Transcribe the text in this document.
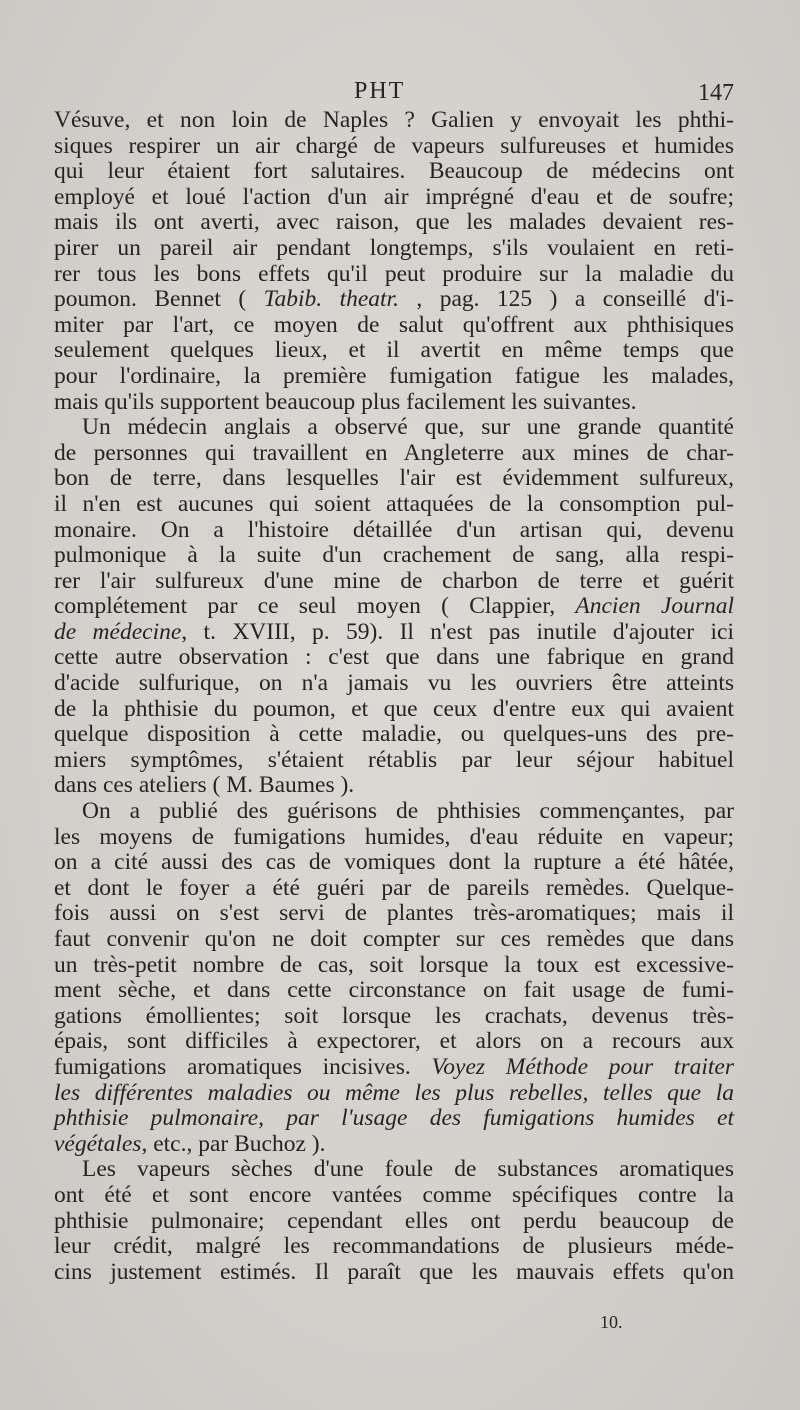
PHT	147
Vésuve, et non loin de Naples ? Galien y envoyait les phthi-
siques respirer un air chargé de vapeurs sulfureuses et humides
qui leur étaient fort salutaires. Beaucoup de médecins ont
employé et loué l'action d'un air imprégné d'eau et de soufre;
mais ils ont averti, avec raison, que les malades devaient res-
pirer un pareil air pendant longtemps, s'ils voulaient en reti-
rer tous les bons effets qu'il peut produire sur la maladie du
poumon. Bennet ( Tabib. theatr. , pag. 125 ) a conseillé d'i-
miter par l'art, ce moyen de salut qu'offrent aux phthisiques
seulement quelques lieux, et il avertit en même temps que
pour l'ordinaire, la première fumigation fatigue les malades,
mais qu'ils supportent beaucoup plus facilement les suivantes.
Un médecin anglais a observé que, sur une grande quantité
de personnes qui travaillent en Angleterre aux mines de char-
bon de terre, dans lesquelles l'air est évidemment sulfureux,
il n'en est aucunes qui soient attaquées de la consomption pul-
monaire. On a l'histoire détaillée d'un artisan qui, devenu
pulmonique à la suite d'un crachement de sang, alla respi-
rer l'air sulfureux d'une mine de charbon de terre et guérit
complétement par ce seul moyen ( Clappier, Ancien Journal
de médecine, t. XVIII, p. 59). Il n'est pas inutile d'ajouter ici
cette autre observation : c'est que dans une fabrique en grand
d'acide sulfurique, on n'a jamais vu les ouvriers être atteints
de la phthisie du poumon, et que ceux d'entre eux qui avaient
quelque disposition à cette maladie, ou quelques-uns des pre-
miers symptômes, s'étaient rétablis par leur séjour habituel
dans ces ateliers ( M. Baumes ).
On a publié des guérisons de phthisies commençantes, par
les moyens de fumigations humides, d'eau réduite en vapeur;
on a cité aussi des cas de vomiques dont la rupture a été hâtée,
et dont le foyer a été guéri par de pareils remèdes. Quelque-
fois aussi on s'est servi de plantes très-aromatiques; mais il
faut convenir qu'on ne doit compter sur ces remèdes que dans
un très-petit nombre de cas, soit lorsque la toux est excessive-
ment sèche, et dans cette circonstance on fait usage de fumi-
gations émollientes; soit lorsque les crachats, devenus très-
épais, sont difficiles à expectorer, et alors on a recours aux
fumigations aromatiques incisives. Voyez Méthode pour traiter
les différentes maladies ou même les plus rebelles, telles que la
phthisie pulmonaire, par l'usage des fumigations humides et
végétales, etc., par Buchoz ).
Les vapeurs sèches d'une foule de substances aromatiques
ont été et sont encore vantées comme spécifiques contre la
phthisie pulmonaire; cependant elles ont perdu beaucoup de
leur crédit, malgré les recommandations de plusieurs méde-
cins justement estimés. Il paraît que les mauvais effets qu'on
10.
